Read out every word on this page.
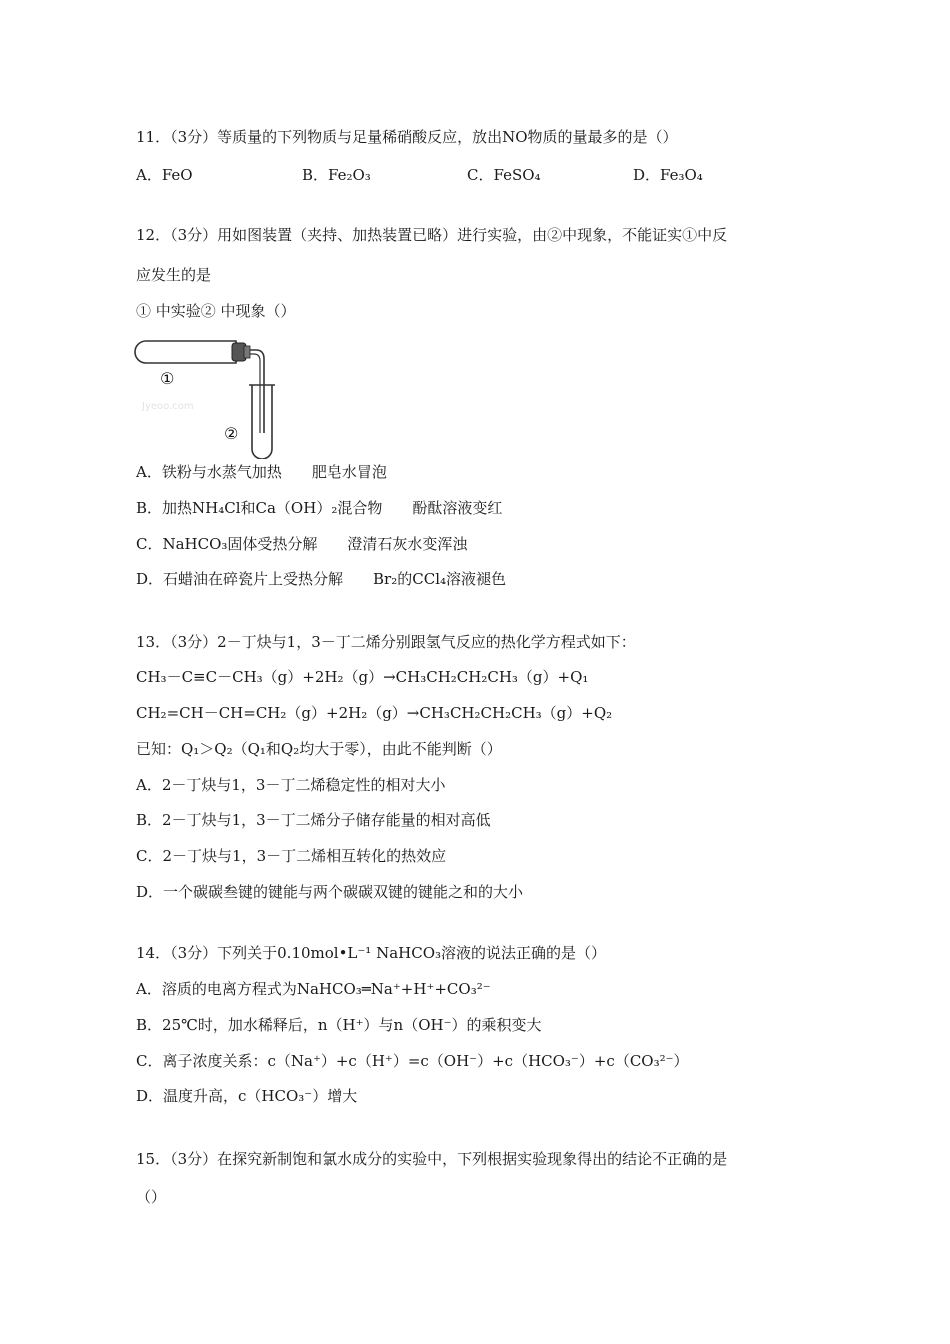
11．（3分）等质量的下列物质与足量稀硝酸反应，放出NO物质的量最多的是（）
A．FeO	B．Fe₂O₃	C．FeSO₄	D．Fe₃O₄
12．（3分）用如图装置（夹持、加热装置已略）进行实验，由②中现象，不能证实①中反
应发生的是
① 中实验② 中现象（）
①
②
Jyeoo.com
A．铁粉与水蒸气加热　　肥皂水冒泡
B．加热NH₄Cl和Ca（OH）₂混合物　　酚酞溶液变红
C．NaHCO₃固体受热分解　　澄清石灰水变浑浊
D．石蜡油在碎瓷片上受热分解　　Br₂的CCl₄溶液褪色
13．（3分）2－丁炔与1，3－丁二烯分别跟氢气反应的热化学方程式如下：
CH₃－C≡C－CH₃（g）+2H₂（g）→CH₃CH₂CH₂CH₃（g）+Q₁
CH₂=CH－CH=CH₂（g）+2H₂（g）→CH₃CH₂CH₂CH₃（g）+Q₂
已知：Q₁＞Q₂（Q₁和Q₂均大于零），由此不能判断（）
A．2－丁炔与1，3－丁二烯稳定性的相对大小
B．2－丁炔与1，3－丁二烯分子储存能量的相对高低
C．2－丁炔与1，3－丁二烯相互转化的热效应
D．一个碳碳叁键的键能与两个碳碳双键的键能之和的大小
14．（3分）下列关于0.10mol•L⁻¹ NaHCO₃溶液的说法正确的是（）
A．溶质的电离方程式为NaHCO₃═Na⁺+H⁺+CO₃²⁻
B．25℃时，加水稀释后，n（H⁺）与n（OH⁻）的乘积变大
C．离子浓度关系：c（Na⁺）+c（H⁺）=c（OH⁻）+c（HCO₃⁻）+c（CO₃²⁻）
D．温度升高，c（HCO₃⁻）增大
15．（3分）在探究新制饱和氯水成分的实验中，下列根据实验现象得出的结论不正确的是
（）
